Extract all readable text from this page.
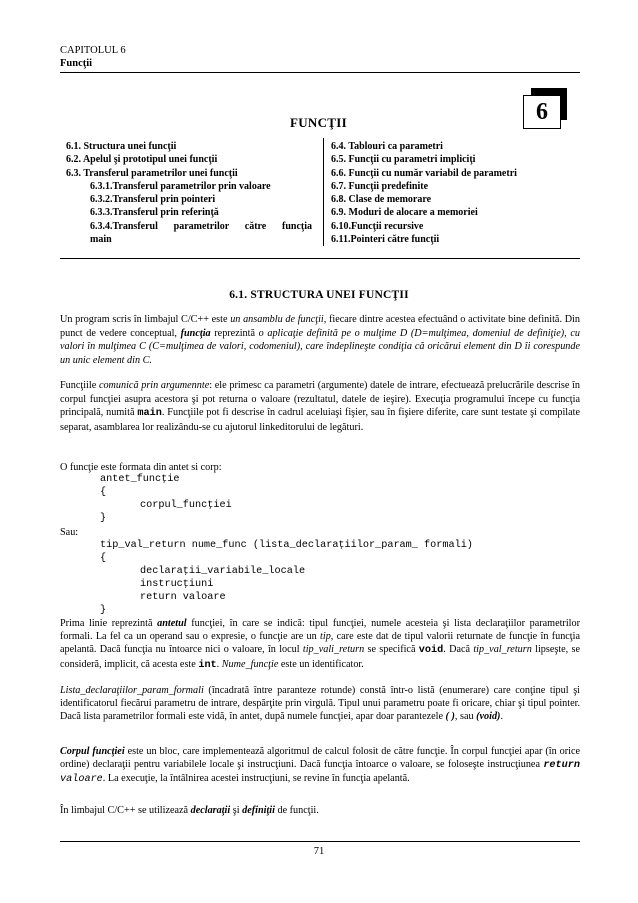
CAPITOLUL 6
Funcţii
FUNCŢII	6
6.1. Structura unei funcţii
6.2. Apelul şi prototipul unei funcţii
6.3. Transferul parametrilor unei funcţii
6.3.1.Transferul parametrilor prin valoare
6.3.2.Transferul prin pointeri
6.3.3.Transferul prin referinţă
6.3.4.Transferul parametrilor către funcţia
main
6.4. Tablouri ca parametri
6.5. Funcţii cu parametri impliciţi
6.6. Funcţii cu număr variabil de parametri
6.7. Funcţii predefinite
6.8. Clase de memorare
6.9. Moduri de alocare a memoriei
6.10.Funcţii recursive
6.11.Pointeri către funcţii
6.1. STRUCTURA UNEI FUNCŢII

Un program scris în limbajul C/C++ este un ansamblu de funcţii, fiecare dintre acestea efectuând o activitate bine definită. Din punct de vedere conceptual, funcţia reprezintă o aplicaţie definită pe o mulţime D (D=mulţimea, domeniul de definiţie), cu valori în mulţimea C (C=mulţimea de valori, codomeniul), care îndeplineşte condiţia că oricărui element din D îi corespunde un unic element din C.

Funcţiile comunică prin argumennte: ele primesc ca parametri (argumente) datele de intrare, efectuează prelucrările descrise în corpul funcţiei asupra acestora şi pot returna o valoare (rezultatul, datele de ieşire). Execuţia programului începe cu funcţia principală, numită main. Funcţiile pot fi descrise în cadrul aceluiaşi fişier, sau în fişiere diferite, care sunt testate şi compilate separat, asamblarea lor realizându-se cu ajutorul linkeditorului de legături.

O funcţie este formata din antet si corp:

antet_funcţie
{
corpul_funcţiei
}
Sau:
tip_val_return nume_func (lista_declaraţiilor_param_ formali)
{
declaraţii_variabile_locale
instrucţiuni
return valoare
}

Prima linie reprezintă antetul funcţiei, în care se indică: tipul funcţiei, numele acesteia şi lista declaraţiilor parametrilor formali. La fel ca un operand sau o expresie, o funcţie are un tip, care este dat de tipul valorii returnate de funcţie în funcţia apelantă. Dacă funcţia nu întoarce nici o valoare, în locul tip_vali_return se specifică void. Dacă tip_val_return lipseşte, se consideră, implicit, că acesta este int. Nume_funcţie este un identificator.

Lista_declaraţiilor_param_formali (încadrată între paranteze rotunde) constă într-o listă (enumerare) care conţine tipul şi identificatorul fiecărui parametru de intrare, despărţite prin virgulă. Tipul unui parametru poate fi oricare, chiar şi tipul pointer. Dacă lista parametrilor formali este vidă, în antet, după numele funcţiei, apar doar parantezele ( ), sau (void).

Corpul funcţiei este un bloc, care implementează algoritmul de calcul folosit de către funcţie. În corpul funcţiei apar (în orice ordine) declaraţii pentru variabilele locale şi instrucţiuni. Dacă funcţia întoarce o valoare, se foloseşte instrucţiunea return valoare. La execuţie, la întâlnirea acestei instrucţiuni, se revine în funcţia apelantă.

În limbajul C/C++ se utilizează declaraţii şi definiţii de funcţii.

71
